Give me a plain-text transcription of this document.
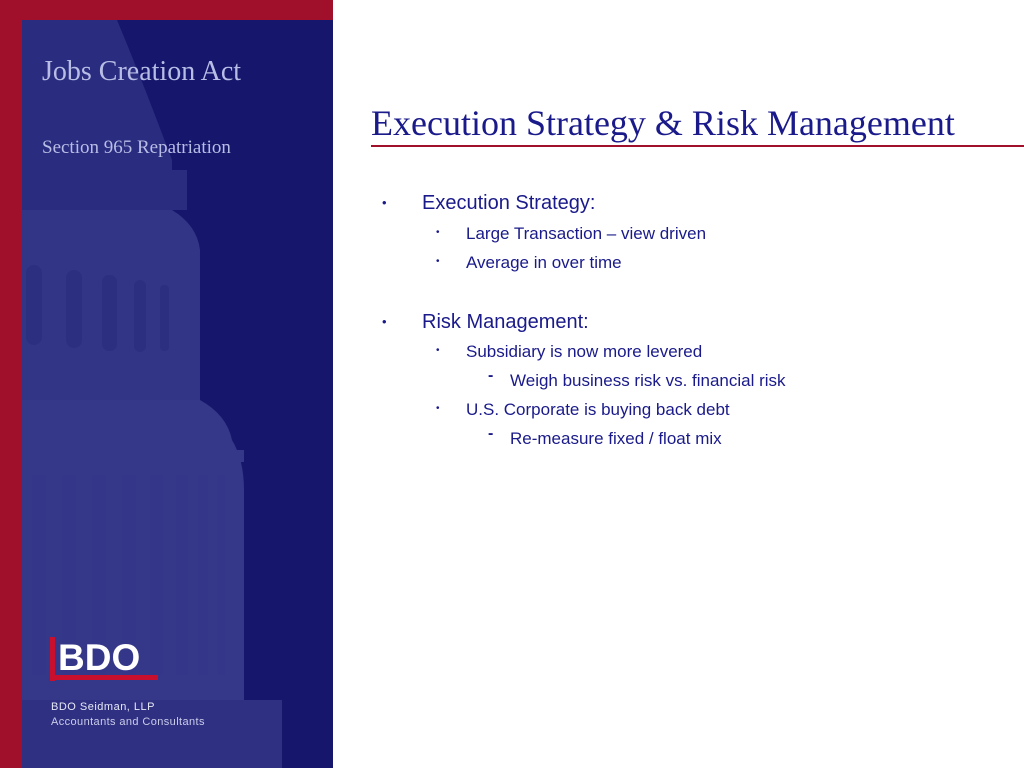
Jobs Creation Act
Section 965 Repatriation
BDO
BDO Seidman, LLP
Accountants and Consultants
Execution Strategy & Risk Management
• Execution Strategy:
• Large Transaction – view driven
• Average in over time
• Risk Management:
• Subsidiary is now more levered
- Weigh business risk vs. financial risk
• U.S. Corporate is buying back debt
- Re-measure fixed / float mix
